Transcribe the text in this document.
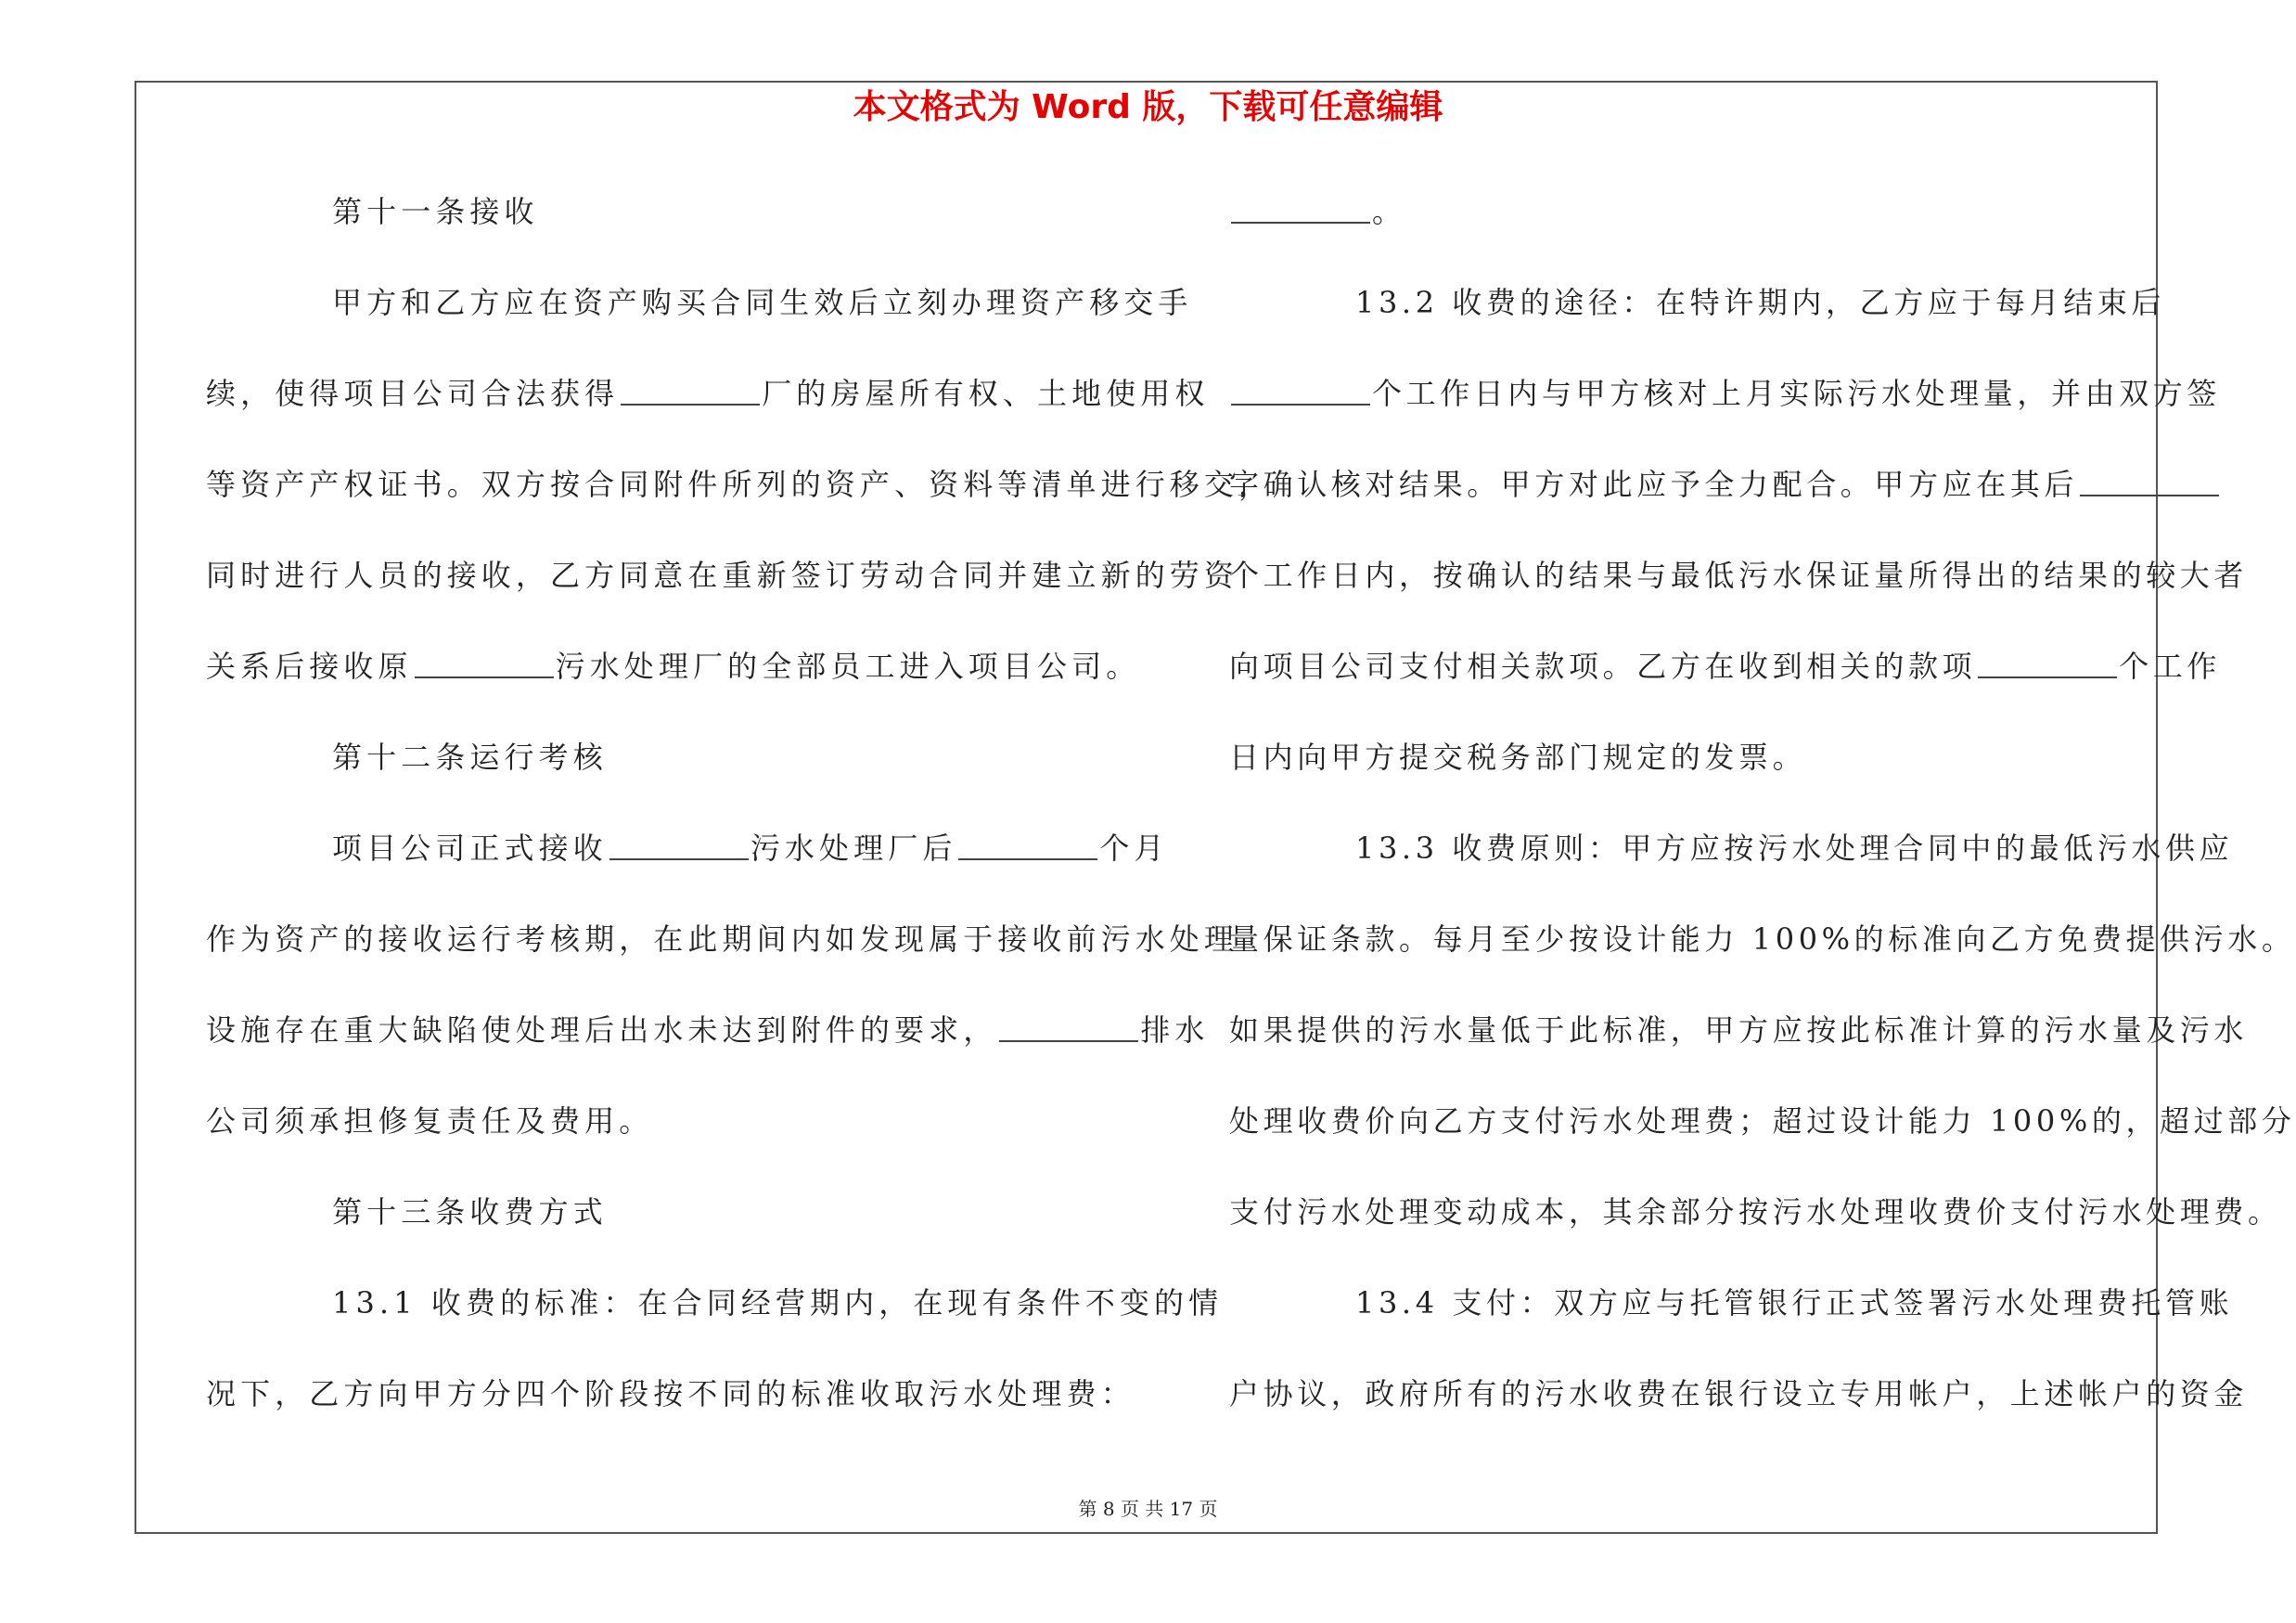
本文格式为 Word 版，下载可任意编辑
第十一条接收
甲方和乙方应在资产购买合同生效后立刻办理资产移交手
续，使得项目公司合法获得	厂的房屋所有权、土地使用权
等资产产权证书。双方按合同附件所列的资产、资料等清单进行移交，
同时进行人员的接收，乙方同意在重新签订劳动合同并建立新的劳资
关系后接收原	污水处理厂的全部员工进入项目公司。
第十二条运行考核
项目公司正式接收	污水处理厂后	个月
作为资产的接收运行考核期，在此期间内如发现属于接收前污水处理
设施存在重大缺陷使处理后出水未达到附件的要求，	排水
公司须承担修复责任及费用。
第十三条收费方式
13.1 收费的标准：在合同经营期内，在现有条件不变的情
况下，乙方向甲方分四个阶段按不同的标准收取污水处理费：
。
13.2 收费的途径：在特许期内，乙方应于每月结束后
个工作日内与甲方核对上月实际污水处理量，并由双方签
字确认核对结果。甲方对此应予全力配合。甲方应在其后
个工作日内，按确认的结果与最低污水保证量所得出的结果的较大者
向项目公司支付相关款项。乙方在收到相关的款项	个工作
日内向甲方提交税务部门规定的发票。
13.3 收费原则：甲方应按污水处理合同中的最低污水供应
量保证条款。每月至少按设计能力 100%的标准向乙方免费提供污水。
如果提供的污水量低于此标准，甲方应按此标准计算的污水量及污水
处理收费价向乙方支付污水处理费；超过设计能力 100%的，超过部分
支付污水处理变动成本，其余部分按污水处理收费价支付污水处理费。
13.4 支付：双方应与托管银行正式签署污水处理费托管账
户协议，政府所有的污水收费在银行设立专用帐户，上述帐户的资金
第 8 页 共 17 页
